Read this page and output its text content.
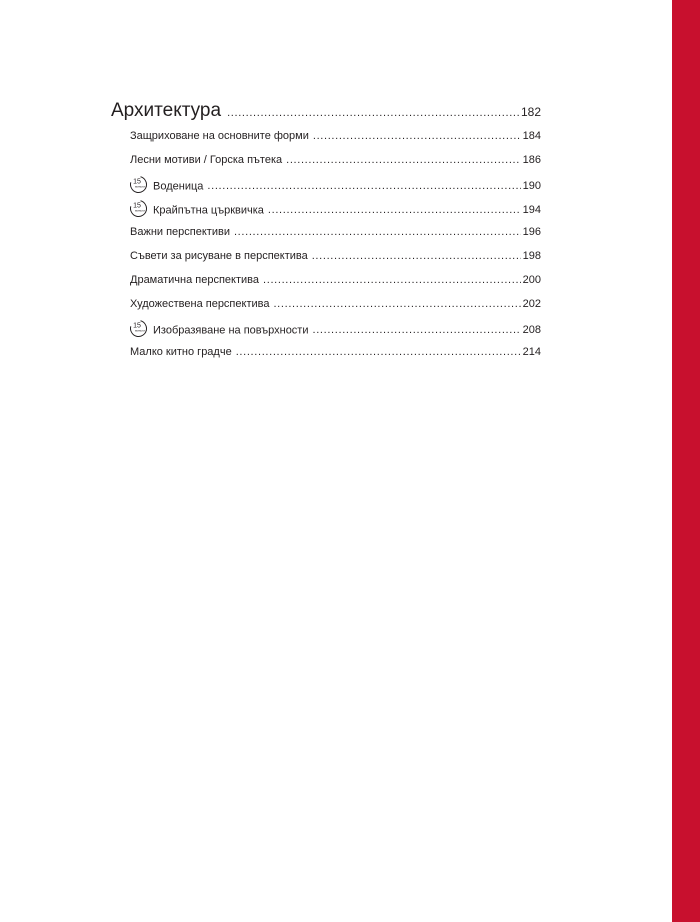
Архитектура . . .	182
Защриховане на основните форми . . .	184
Лесни мотиви / Горска пътека . . .	186
15
минути Воденица . . .	190
15
минути Крайпътна църквичка . . .	194
Важни перспективи . . .	196
Съвети за рисуване в перспектива . . .	198
Драматична перспектива . . .	200
Художествена перспектива . . .	202
15
минути Изобразяване на повърхности . . .	208
Малко китно градче . . .	214
